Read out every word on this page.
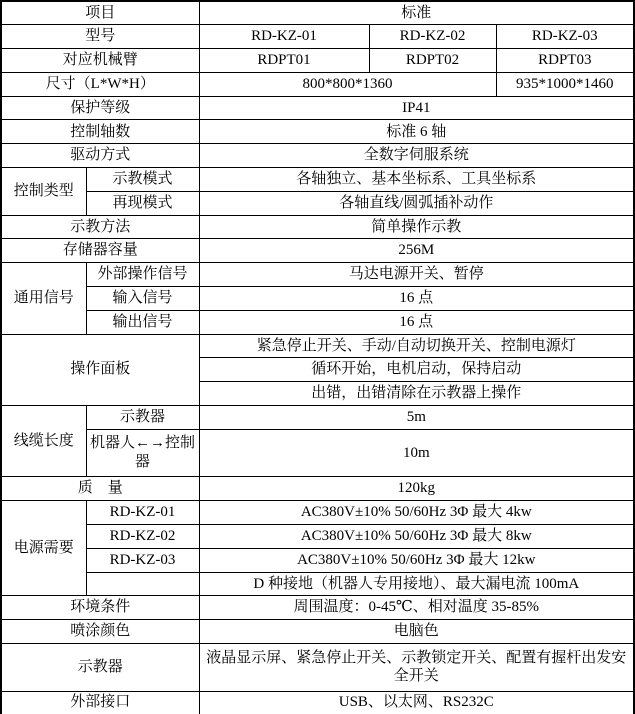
项目		标准		
型号		RD-KZ-01	RD-KZ-02	RD-KZ-03
对应机械臂		RDPT01	RDPT02	RDPT03
尺寸（L*W*H）		800*800*1360		935*1000*1460
保护等级		IP41		
控制轴数		标准 6 轴		
驱动方式		全数字伺服系统		
控制类型	示教模式	各轴独立、基本坐标系、工具坐标系		
	再现模式	各轴直线/圆弧插补动作		
示教方法		简单操作示教		
存储器容量		256M		
通用信号	外部操作信号	马达电源开关、暂停		
	输入信号	16 点		
	输出信号	16 点		
操作面板		紧急停止开关、手动/自动切换开关、控制电源灯		
		循环开始，电机启动，保持启动		
		出错，出错清除在示教器上操作		
线缆长度	示教器	5m		
	机器人←→控制器	10m		
质　量		120kg		
电源需要	RD-KZ-01	AC380V±10% 50/60Hz 3Φ 最大 4kw		
	RD-KZ-02	AC380V±10% 50/60Hz 3Φ 最大 8kw		
	RD-KZ-03	AC380V±10% 50/60Hz 3Φ 最大 12kw		
		D 种接地（机器人专用接地）、最大漏电流 100mA		
环境条件		周围温度：0-45℃、相对温度 35-85%		
喷涂颜色		电脑色		
示教器		液晶显示屏、紧急停止开关、示教锁定开关、配置有握杆出发安全开关		
外部接口		USB、以太网、RS232C		
